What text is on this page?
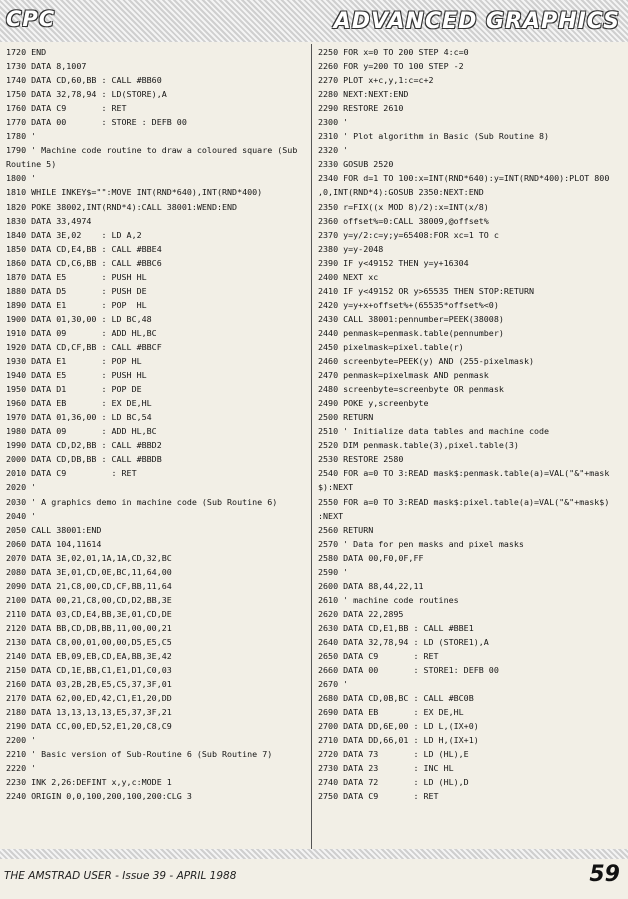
CPC	ADVANCED GRAPHICS
1720 END
1730 DATA 8,1007
1740 DATA CD,60,BB : CALL #BB60
1750 DATA 32,78,94 : LD(STORE),A
1760 DATA C9       : RET
1770 DATA 00       : STORE : DEFB 00
1780 '
1790 ' Machine code routine to draw a coloured square (Sub
Routine 5)
1800 '
1810 WHILE INKEY$="":MOVE INT(RND*640),INT(RND*400)
1820 POKE 38002,INT(RND*4):CALL 38001:WEND:END
1830 DATA 33,4974
1840 DATA 3E,02    : LD A,2
1850 DATA CD,E4,BB : CALL #BBE4
1860 DATA CD,C6,BB : CALL #BBC6
1870 DATA E5       : PUSH HL
1880 DATA D5       : PUSH DE
1890 DATA E1       : POP  HL
1900 DATA 01,30,00 : LD BC,48
1910 DATA 09       : ADD HL,BC
1920 DATA CD,CF,BB : CALL #BBCF
1930 DATA E1       : POP HL
1940 DATA E5       : PUSH HL
1950 DATA D1       : POP DE
1960 DATA EB       : EX DE,HL
1970 DATA 01,36,00 : LD BC,54
1980 DATA 09       : ADD HL,BC
1990 DATA CD,D2,BB : CALL #BBD2
2000 DATA CD,DB,BB : CALL #BBDB
2010 DATA C9         : RET
2020 '
2030 ' A graphics demo in machine code (Sub Routine 6)
2040 '
2050 CALL 38001:END
2060 DATA 104,11614
2070 DATA 3E,02,01,1A,1A,CD,32,BC
2080 DATA 3E,01,CD,0E,BC,11,64,00
2090 DATA 21,C8,00,CD,CF,BB,11,64
2100 DATA 00,21,C8,00,CD,D2,BB,3E
2110 DATA 03,CD,E4,BB,3E,01,CD,DE
2120 DATA BB,CD,DB,BB,11,00,00,21
2130 DATA C8,00,01,00,00,D5,E5,C5
2140 DATA EB,09,EB,CD,EA,BB,3E,42
2150 DATA CD,1E,BB,C1,E1,D1,C0,03
2160 DATA 03,2B,2B,E5,C5,37,3F,01
2170 DATA 62,00,ED,42,C1,E1,20,DD
2180 DATA 13,13,13,13,E5,37,3F,21
2190 DATA CC,00,ED,52,E1,20,C8,C9
2200 '
2210 ' Basic version of Sub-Routine 6 (Sub Routine 7)
2220 '
2230 INK 2,26:DEFINT x,y,c:MODE 1
2240 ORIGIN 0,0,100,200,100,200:CLG 3
2250 FOR x=0 TO 200 STEP 4:c=0
2260 FOR y=200 TO 100 STEP -2
2270 PLOT x+c,y,1:c=c+2
2280 NEXT:NEXT:END
2290 RESTORE 2610
2300 '
2310 ' Plot algorithm in Basic (Sub Routine 8)
2320 '
2330 GOSUB 2520
2340 FOR d=1 TO 100:x=INT(RND*640):y=INT(RND*400):PLOT 800
,0,INT(RND*4):GOSUB 2350:NEXT:END
2350 r=FIX((x MOD 8)/2):x=INT(x/8)
2360 offset%=0:CALL 38009,@offset%
2370 y=y/2:c=y;y=65408:FOR xc=1 TO c
2380 y=y-2048
2390 IF y<49152 THEN y=y+16304
2400 NEXT xc
2410 IF y<49152 OR y>65535 THEN STOP:RETURN
2420 y=y+x+offset%+(65535*offset%<0)
2430 CALL 38001:pennumber=PEEK(38008)
2440 penmask=penmask.table(pennumber)
2450 pixelmask=pixel.table(r)
2460 screenbyte=PEEK(y) AND (255-pixelmask)
2470 penmask=pixelmask AND penmask
2480 screenbyte=screenbyte OR penmask
2490 POKE y,screenbyte
2500 RETURN
2510 ' Initialize data tables and machine code
2520 DIM penmask.table(3),pixel.table(3)
2530 RESTORE 2580
2540 FOR a=0 TO 3:READ mask$:penmask.table(a)=VAL("&"+mask
$):NEXT
2550 FOR a=0 TO 3:READ mask$:pixel.table(a)=VAL("&"+mask$)
:NEXT
2560 RETURN
2570 ' Data for pen masks and pixel masks
2580 DATA 00,F0,0F,FF
2590 '
2600 DATA 88,44,22,11
2610 ' machine code routines
2620 DATA 22,2895
2630 DATA CD,E1,BB : CALL #BBE1
2640 DATA 32,78,94 : LD (STORE1),A
2650 DATA C9       : RET
2660 DATA 00       : STORE1: DEFB 00
2670 '
2680 DATA CD,0B,BC : CALL #BC0B
2690 DATA EB       : EX DE,HL
2700 DATA DD,6E,00 : LD L,(IX+0)
2710 DATA DD,66,01 : LD H,(IX+1)
2720 DATA 73       : LD (HL),E
2730 DATA 23       : INC HL
2740 DATA 72       : LD (HL),D
2750 DATA C9       : RET
THE AMSTRAD USER - Issue 39 - APRIL 1988	59
